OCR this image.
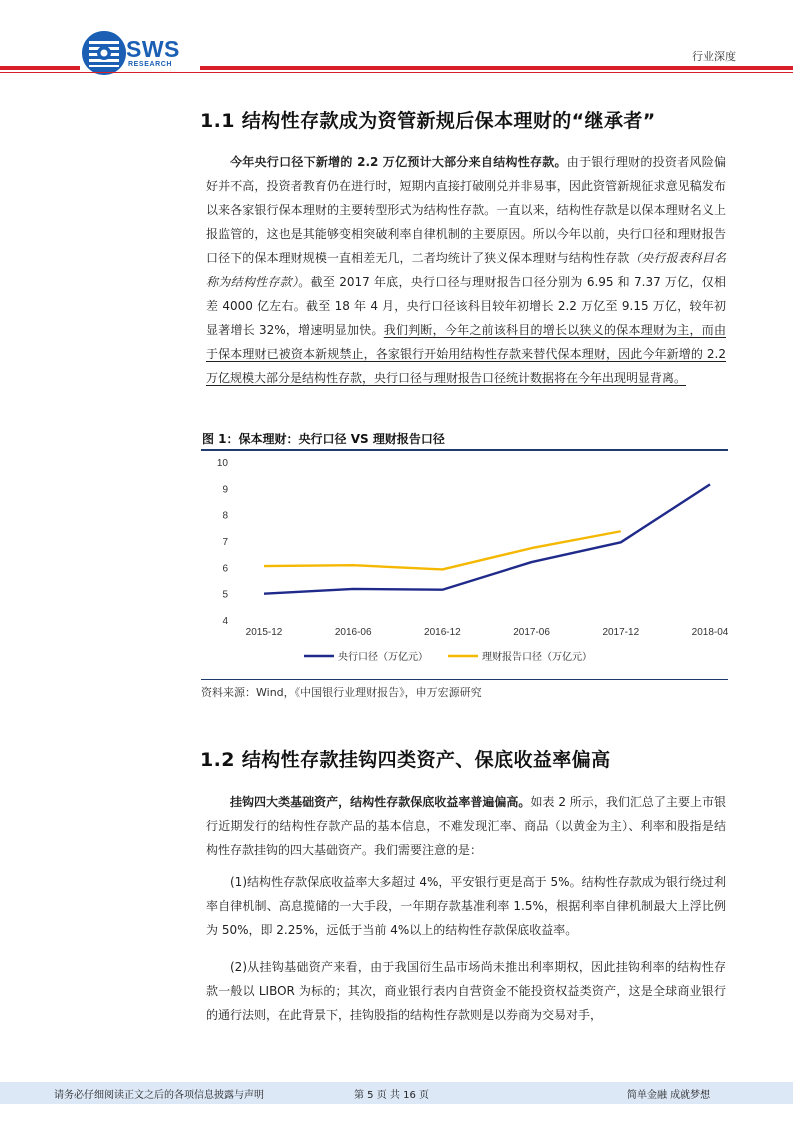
SWS
RESEARCH
行业深度
1.1 结构性存款成为资管新规后保本理财的“继承者”
今年央行口径下新增的 2.2 万亿预计大部分来自结构性存款。由于银行理财的投资者风险偏好并不高，投资者教育仍在进行时，短期内直接打破刚兑并非易事，因此资管新规征求意见稿发布以来各家银行保本理财的主要转型形式为结构性存款。一直以来，结构性存款是以保本理财名义上报监管的，这也是其能够变相突破利率自律机制的主要原因。所以今年以前，央行口径和理财报告口径下的保本理财规模一直相差无几，二者均统计了狭义保本理财与结构性存款（央行报表科目名称为结构性存款）。截至 2017 年底，央行口径与理财报告口径分别为 6.95 和 7.37 万亿，仅相差 4000 亿左右。截至 18 年 4 月，央行口径该科目较年初增长 2.2 万亿至 9.15 万亿，较年初显著增长 32%，增速明显加快。我们判断，今年之前该科目的增长以狭义的保本理财为主，而由于保本理财已被资本新规禁止，各家银行开始用结构性存款来替代保本理财，因此今年新增的 2.2 万亿规模大部分是结构性存款，央行口径与理财报告口径统计数据将在今年出现明显背离。
图 1：保本理财：央行口径 VS 理财报告口径
4
5
6
7
8
9
10
2015-12	2016-06	2016-12	2017-06	2017-12	2018-04
央行口径（万亿元）	理财报告口径（万亿元）
资料来源：Wind，《中国银行业理财报告》，申万宏源研究
1.2 结构性存款挂钩四类资产、保底收益率偏高
挂钩四大类基础资产，结构性存款保底收益率普遍偏高。如表 2 所示，我们汇总了主要上市银行近期发行的结构性存款产品的基本信息，不难发现汇率、商品（以黄金为主）、利率和股指是结构性存款挂钩的四大基础资产。我们需要注意的是：
(1)结构性存款保底收益率大多超过 4%，平安银行更是高于 5%。结构性存款成为银行绕过利率自律机制、高息揽储的一大手段，一年期存款基准利率 1.5%，根据利率自律机制最大上浮比例为 50%，即 2.25%，远低于当前 4%以上的结构性存款保底收益率。
(2)从挂钩基础资产来看，由于我国衍生品市场尚未推出利率期权，因此挂钩利率的结构性存款一般以 LIBOR 为标的；其次，商业银行表内自营资金不能投资权益类资产，这是全球商业银行的通行法则，在此背景下，挂钩股指的结构性存款则是以券商为交易对手，
请务必仔细阅读正文之后的各项信息披露与声明	第 5 页 共 16 页	简单金融 成就梦想
